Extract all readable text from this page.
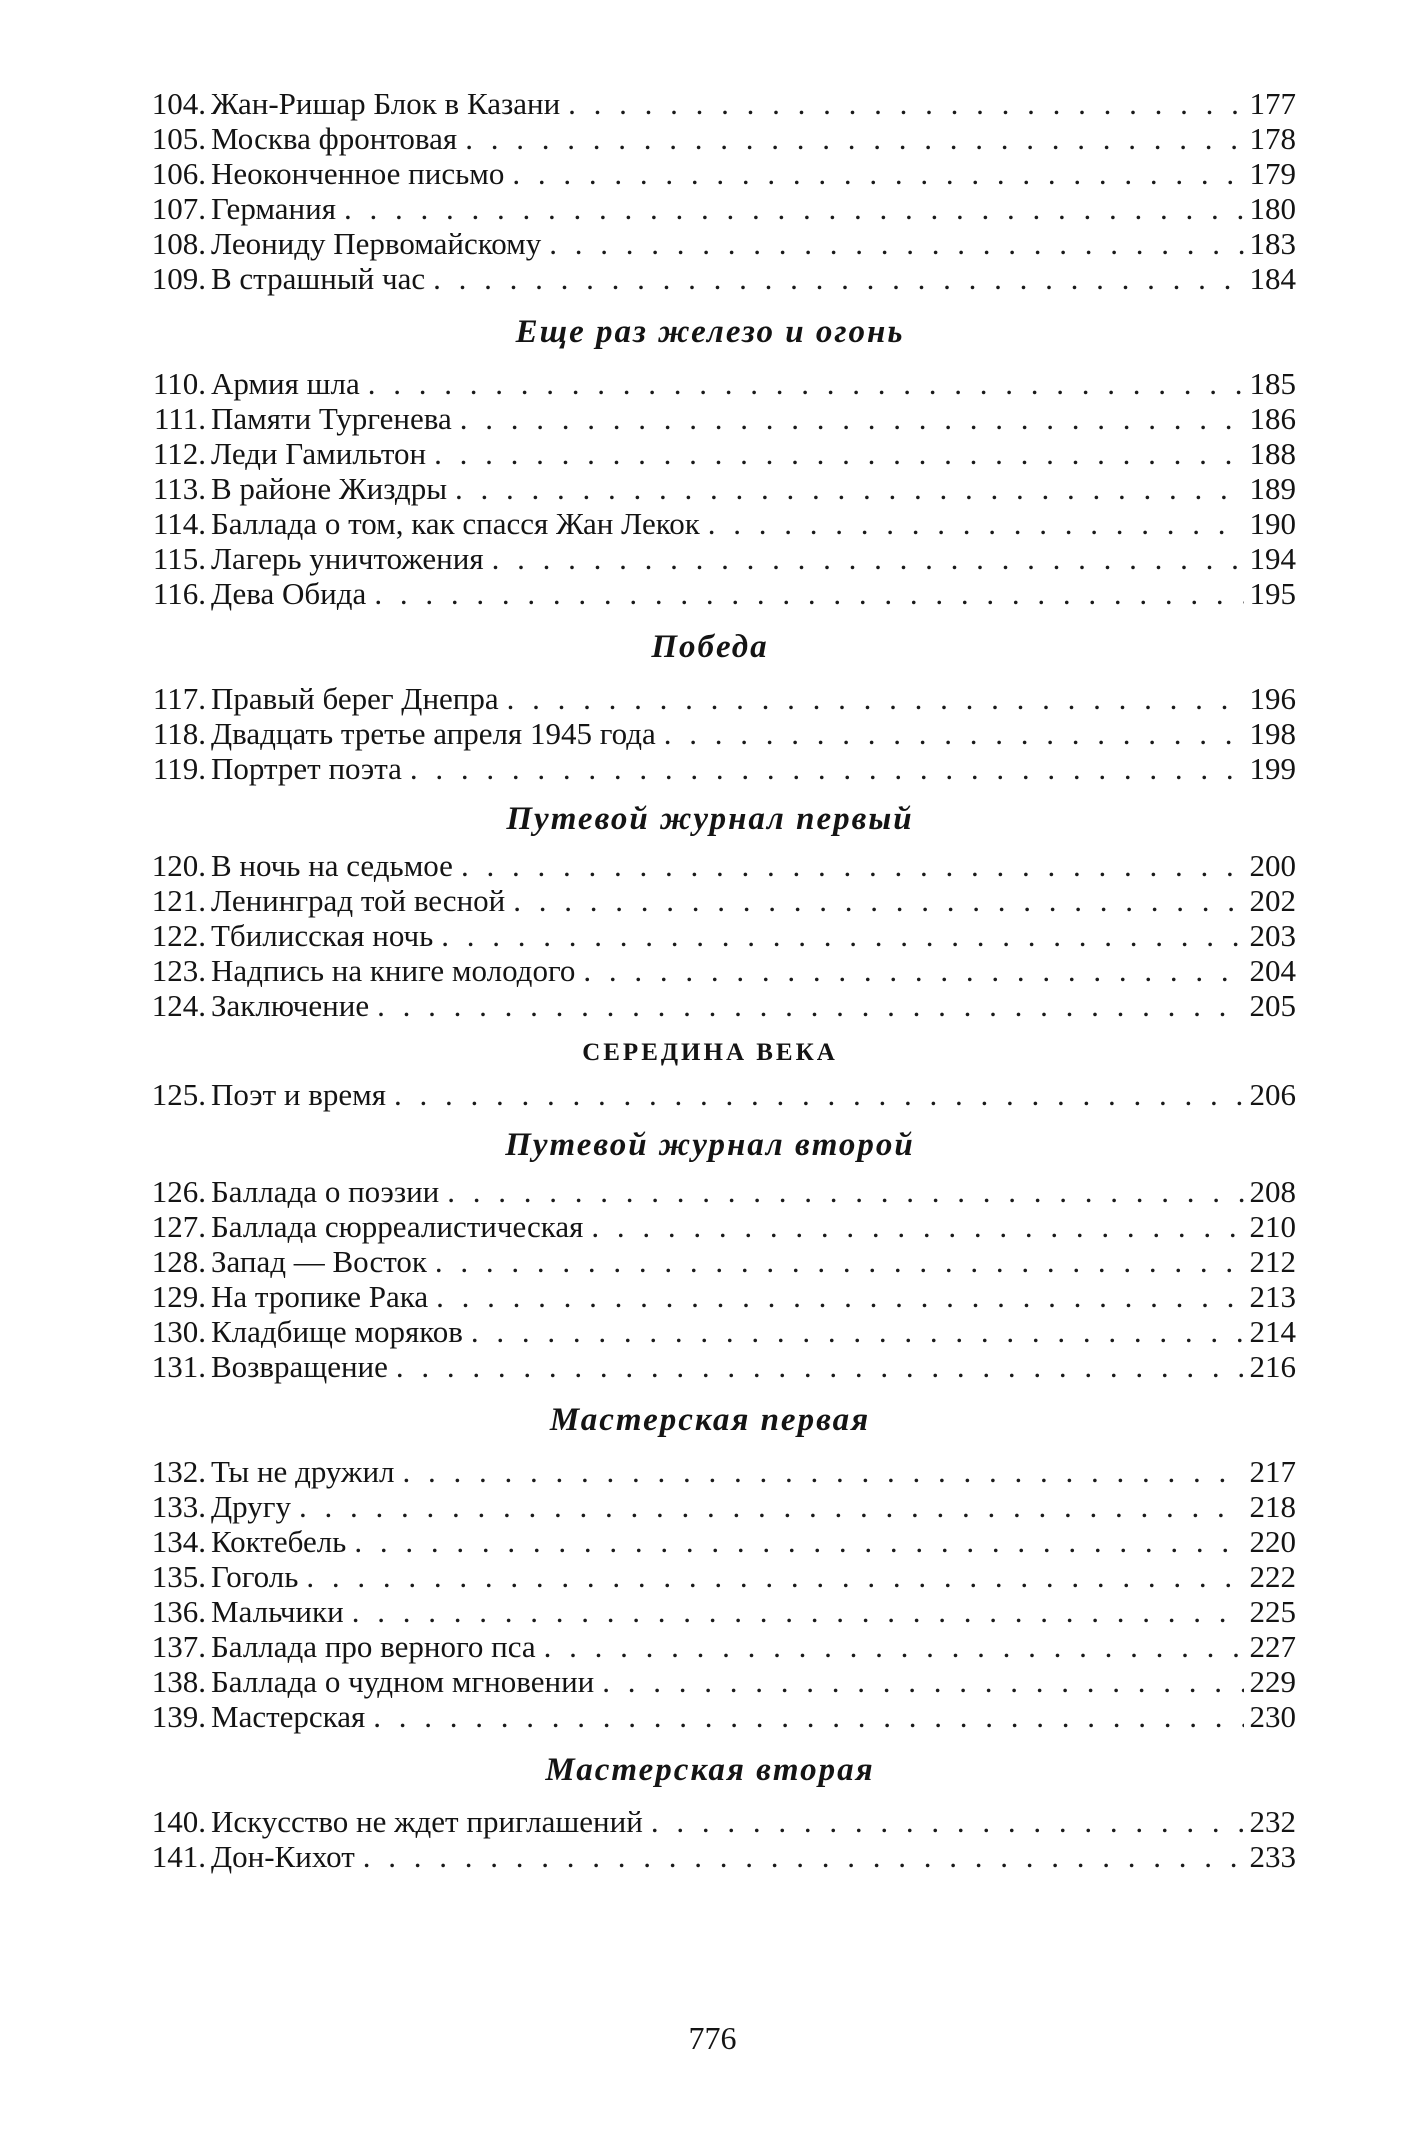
104. Жан-Ришар Блок в Казани . . .	177
105. Москва фронтовая . . .	178
106. Неоконченное письмо . . .	179
107. Германия . . .	180
108. Леониду Первомайскому . . .	183
109. В страшный час . . .	184
Еще раз железо и огонь
110. Армия шла . . .	185
111. Памяти Тургенева . . .	186
112. Леди Гамильтон . . .	188
113. В районе Жиздры . . .	189
114. Баллада о том, как спасся Жан Лекок . . .	190
115. Лагерь уничтожения . . .	194
116. Дева Обида . . .	195
Победа
117. Правый берег Днепра . . .	196
118. Двадцать третье апреля 1945 года . . .	198
119. Портрет поэта . . .	199
Путевой журнал первый
120. В ночь на седьмое . . .	200
121. Ленинград той весной . . .	202
122. Тбилисская ночь . . .	203
123. Надпись на книге молодого . . .	204
124. Заключение . . .	205
СЕРЕДИНА ВЕКА
125. Поэт и время . . .	206
Путевой журнал второй
126. Баллада о поэзии . . .	208
127. Баллада сюрреалистическая . . .	210
128. Запад — Восток . . .	212
129. На тропике Рака . . .	213
130. Кладбище моряков . . .	214
131. Возвращение . . .	216
Мастерская первая
132. Ты не дружил . . .	217
133. Другу . . .	218
134. Коктебель . . .	220
135. Гоголь . . .	222
136. Мальчики . . .	225
137. Баллада про верного пса . . .	227
138. Баллада о чудном мгновении . . .	229
139. Мастерская . . .	230
Мастерская вторая
140. Искусство не ждет приглашений . . .	232
141. Дон-Кихот . . .	233
776
